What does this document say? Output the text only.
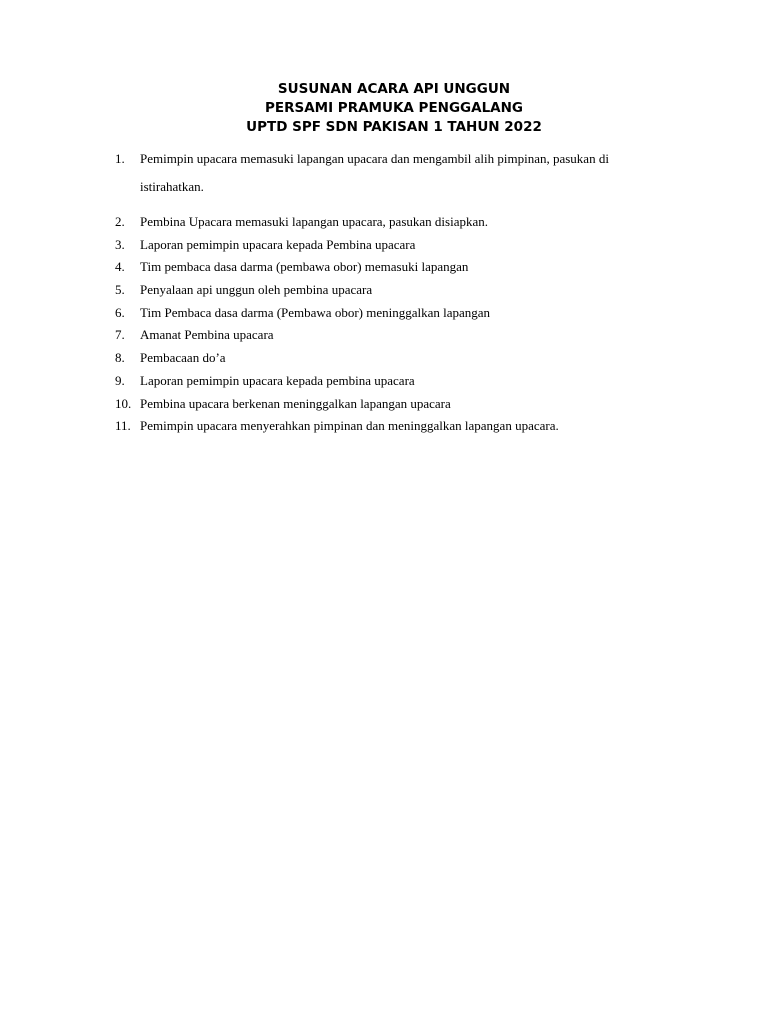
SUSUNAN ACARA API UNGGUN
PERSAMI PRAMUKA PENGGALANG
UPTD SPF SDN PAKISAN 1 TAHUN 2022
1.	Pemimpin upacara memasuki lapangan upacara dan mengambil alih pimpinan, pasukan di istirahatkan.
2.	Pembina Upacara memasuki lapangan upacara, pasukan disiapkan.
3.	Laporan pemimpin upacara kepada Pembina upacara
4.	Tim pembaca dasa darma (pembawa obor) memasuki lapangan
5.	Penyalaan api unggun oleh pembina upacara
6.	Tim Pembaca dasa darma (Pembawa obor) meninggalkan lapangan
7.	Amanat Pembina upacara
8.	Pembacaan do’a
9.	Laporan pemimpin upacara kepada pembina upacara
10. Pembina upacara berkenan meninggalkan lapangan upacara
11. Pemimpin upacara menyerahkan pimpinan dan meninggalkan lapangan upacara.
